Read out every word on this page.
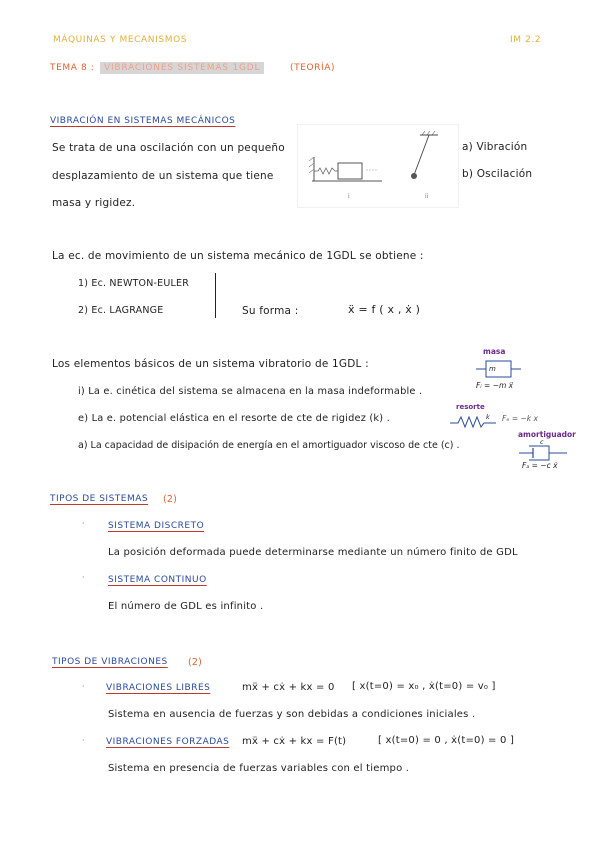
MÁQUINAS Y MECANISMOS	IM 2.2
TEMA 8 :	VIBRACIONES SISTEMAS 1GDL	(TEORÍA)
VIBRACIÓN EN SISTEMAS MECÁNICOS
Se trata de una oscilación con un pequeño
desplazamiento de un sistema que tiene
masa y rigidez.
i	ii
a) Vibración
b) Oscilación
La ec. de movimiento de un sistema mecánico de 1GDL se obtiene :
1) Ec. NEWTON-EULER
2) Ec. LAGRANGE	Su forma :	ẍ = f ( x , ẋ )
Los elementos básicos de un sistema vibratorio de 1GDL :
i) La e. cinética del sistema se almacena en la masa indeformable .
e) La e. potencial elástica en el resorte de cte de rigidez (k) .
a) La capacidad de disipación de energía en el amortiguador viscoso de cte (c) .
masa
m
Fᵢ = −m ẍ
resorte
k Fₑ = −k x
amortiguador
c
Fₐ = −c ẋ
TIPOS DE SISTEMAS (2)
·	SISTEMA DISCRETO
La posición deformada puede determinarse mediante un número finito de GDL
·	SISTEMA CONTINUO
El número de GDL es infinito .
TIPOS DE VIBRACIONES (2)
· VIBRACIONES LIBRES	mẍ + cẋ + kx = 0 [ x(t=0) = x₀ , ẋ(t=0) = v₀ ]
Sistema en ausencia de fuerzas y son debidas a condiciones iniciales .
· VIBRACIONES FORZADAS mẍ + cẋ + kx = F(t)	[ x(t=0) = 0 , ẋ(t=0) = 0 ]
Sistema en presencia de fuerzas variables con el tiempo .
